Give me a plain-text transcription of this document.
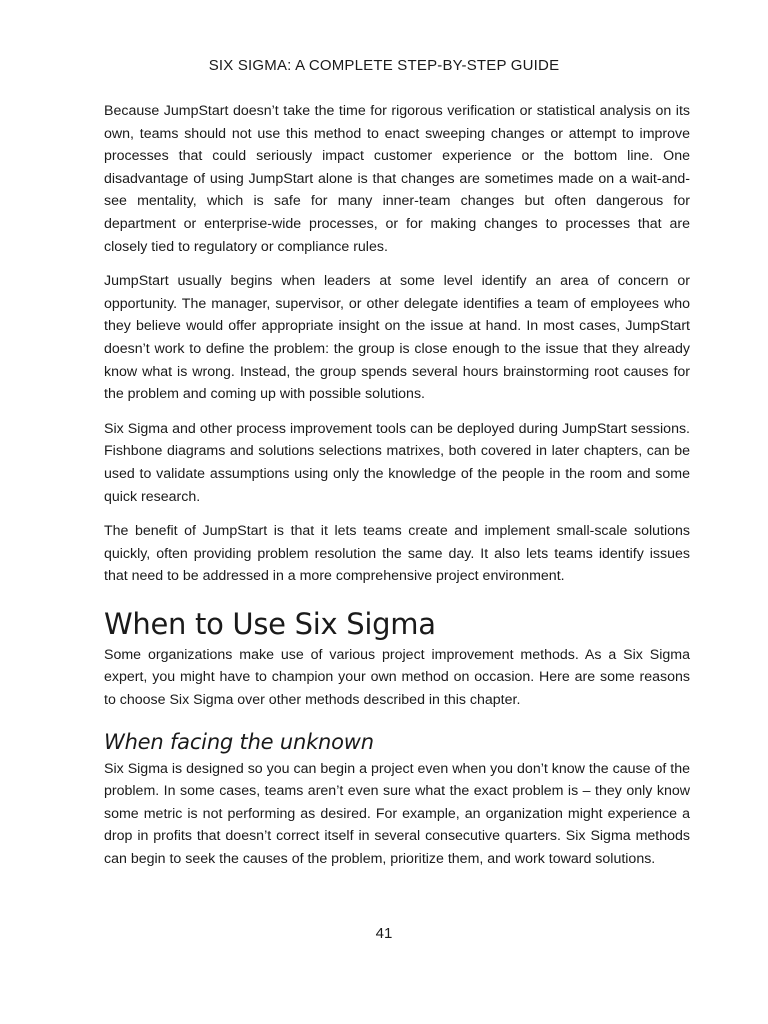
SIX SIGMA: A COMPLETE STEP-BY-STEP GUIDE

Because JumpStart doesn’t take the time for rigorous verification or statistical analysis on its own, teams should not use this method to enact sweeping changes or attempt to improve processes that could seriously impact customer experience or the bottom line. One disadvantage of using JumpStart alone is that changes are sometimes made on a wait-and-see mentality, which is safe for many inner-team changes but often dangerous for department or enterprise-wide processes, or for making changes to processes that are closely tied to regulatory or compliance rules.

JumpStart usually begins when leaders at some level identify an area of concern or opportunity. The manager, supervisor, or other delegate identifies a team of employees who they believe would offer appropriate insight on the issue at hand. In most cases, JumpStart doesn’t work to define the problem: the group is close enough to the issue that they already know what is wrong. Instead, the group spends several hours brainstorming root causes for the problem and coming up with possible solutions.

Six Sigma and other process improvement tools can be deployed during JumpStart sessions. Fishbone diagrams and solutions selections matrixes, both covered in later chapters, can be used to validate assumptions using only the knowledge of the people in the room and some quick research.

The benefit of JumpStart is that it lets teams create and implement small-scale solutions quickly, often providing problem resolution the same day. It also lets teams identify issues that need to be addressed in a more comprehensive project environment.

When to Use Six Sigma

Some organizations make use of various project improvement methods. As a Six Sigma expert, you might have to champion your own method on occasion. Here are some reasons to choose Six Sigma over other methods described in this chapter.

When facing the unknown

Six Sigma is designed so you can begin a project even when you don’t know the cause of the problem. In some cases, teams aren’t even sure what the exact problem is – they only know some metric is not performing as desired. For example, an organization might experience a drop in profits that doesn’t correct itself in several consecutive quarters. Six Sigma methods can begin to seek the causes of the problem, prioritize them, and work toward solutions.

41
